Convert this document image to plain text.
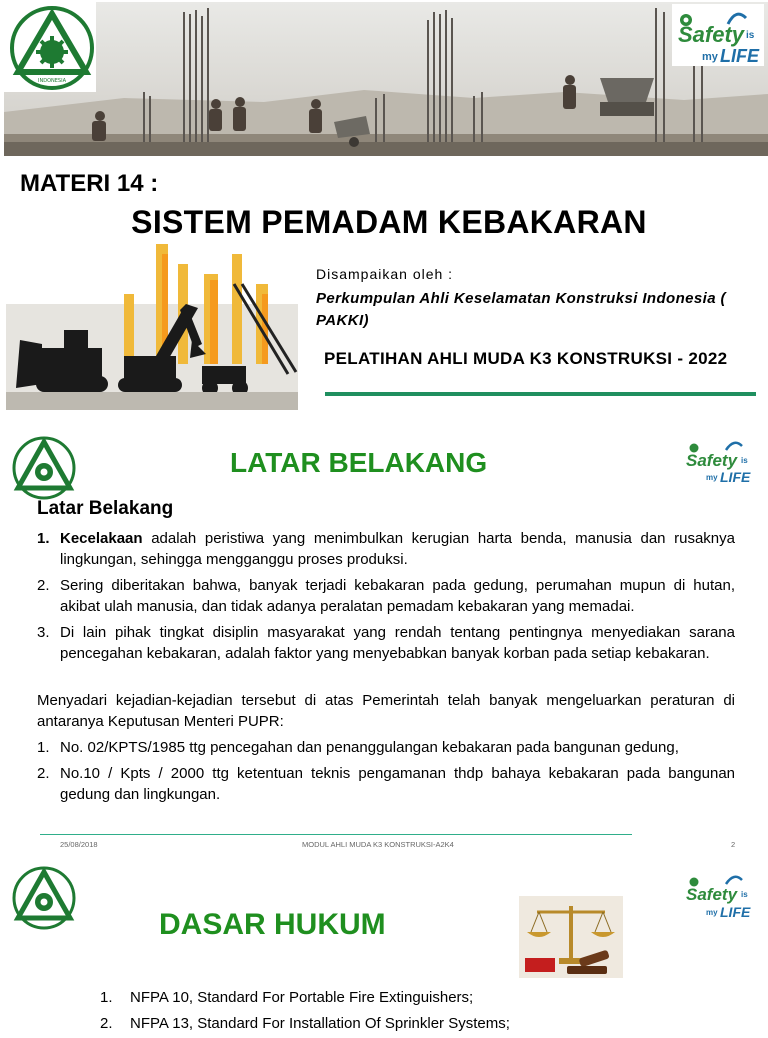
INDONESIA
Safety is
my LIFE
MATERI 14 :
SISTEM PEMADAM KEBAKARAN
Disampaikan oleh :
Perkumpulan Ahli Keselamatan Konstruksi Indonesia ( PAKKI)
PELATIHAN AHLI MUDA K3 KONSTRUKSI - 2022
Safety is
my LIFE
LATAR BELAKANG
Latar Belakang
1. Kecelakaan adalah peristiwa yang menimbulkan kerugian harta benda, manusia dan rusaknya lingkungan, sehingga mengganggu proses produksi.
2. Sering diberitakan bahwa, banyak terjadi kebakaran pada gedung, perumahan mupun di hutan, akibat ulah manusia, dan tidak adanya peralatan pemadam kebakaran yang memadai.
3. Di lain pihak tingkat disiplin masyarakat yang rendah tentang pentingnya menyediakan sarana pencegahan kebakaran, adalah faktor yang menyebabkan banyak korban pada setiap kebakaran.
Menyadari kejadian-kejadian tersebut di atas Pemerintah telah banyak mengeluarkan peraturan di antaranya Keputusan Menteri PUPR:
1. No. 02/KPTS/1985 ttg pencegahan dan penanggulangan kebakaran pada bangunan gedung,
2. No.10 / Kpts / 2000 ttg ketentuan teknis pengamanan thdp bahaya kebakaran pada bangunan gedung dan lingkungan.
25/08/2018	MODUL AHLI MUDA K3 KONSTRUKSI-A2K4	2
Safety is
my LIFE
DASAR HUKUM
1. NFPA 10, Standard For Portable Fire Extinguishers;
2. NFPA 13, Standard For Installation Of Sprinkler Systems;
